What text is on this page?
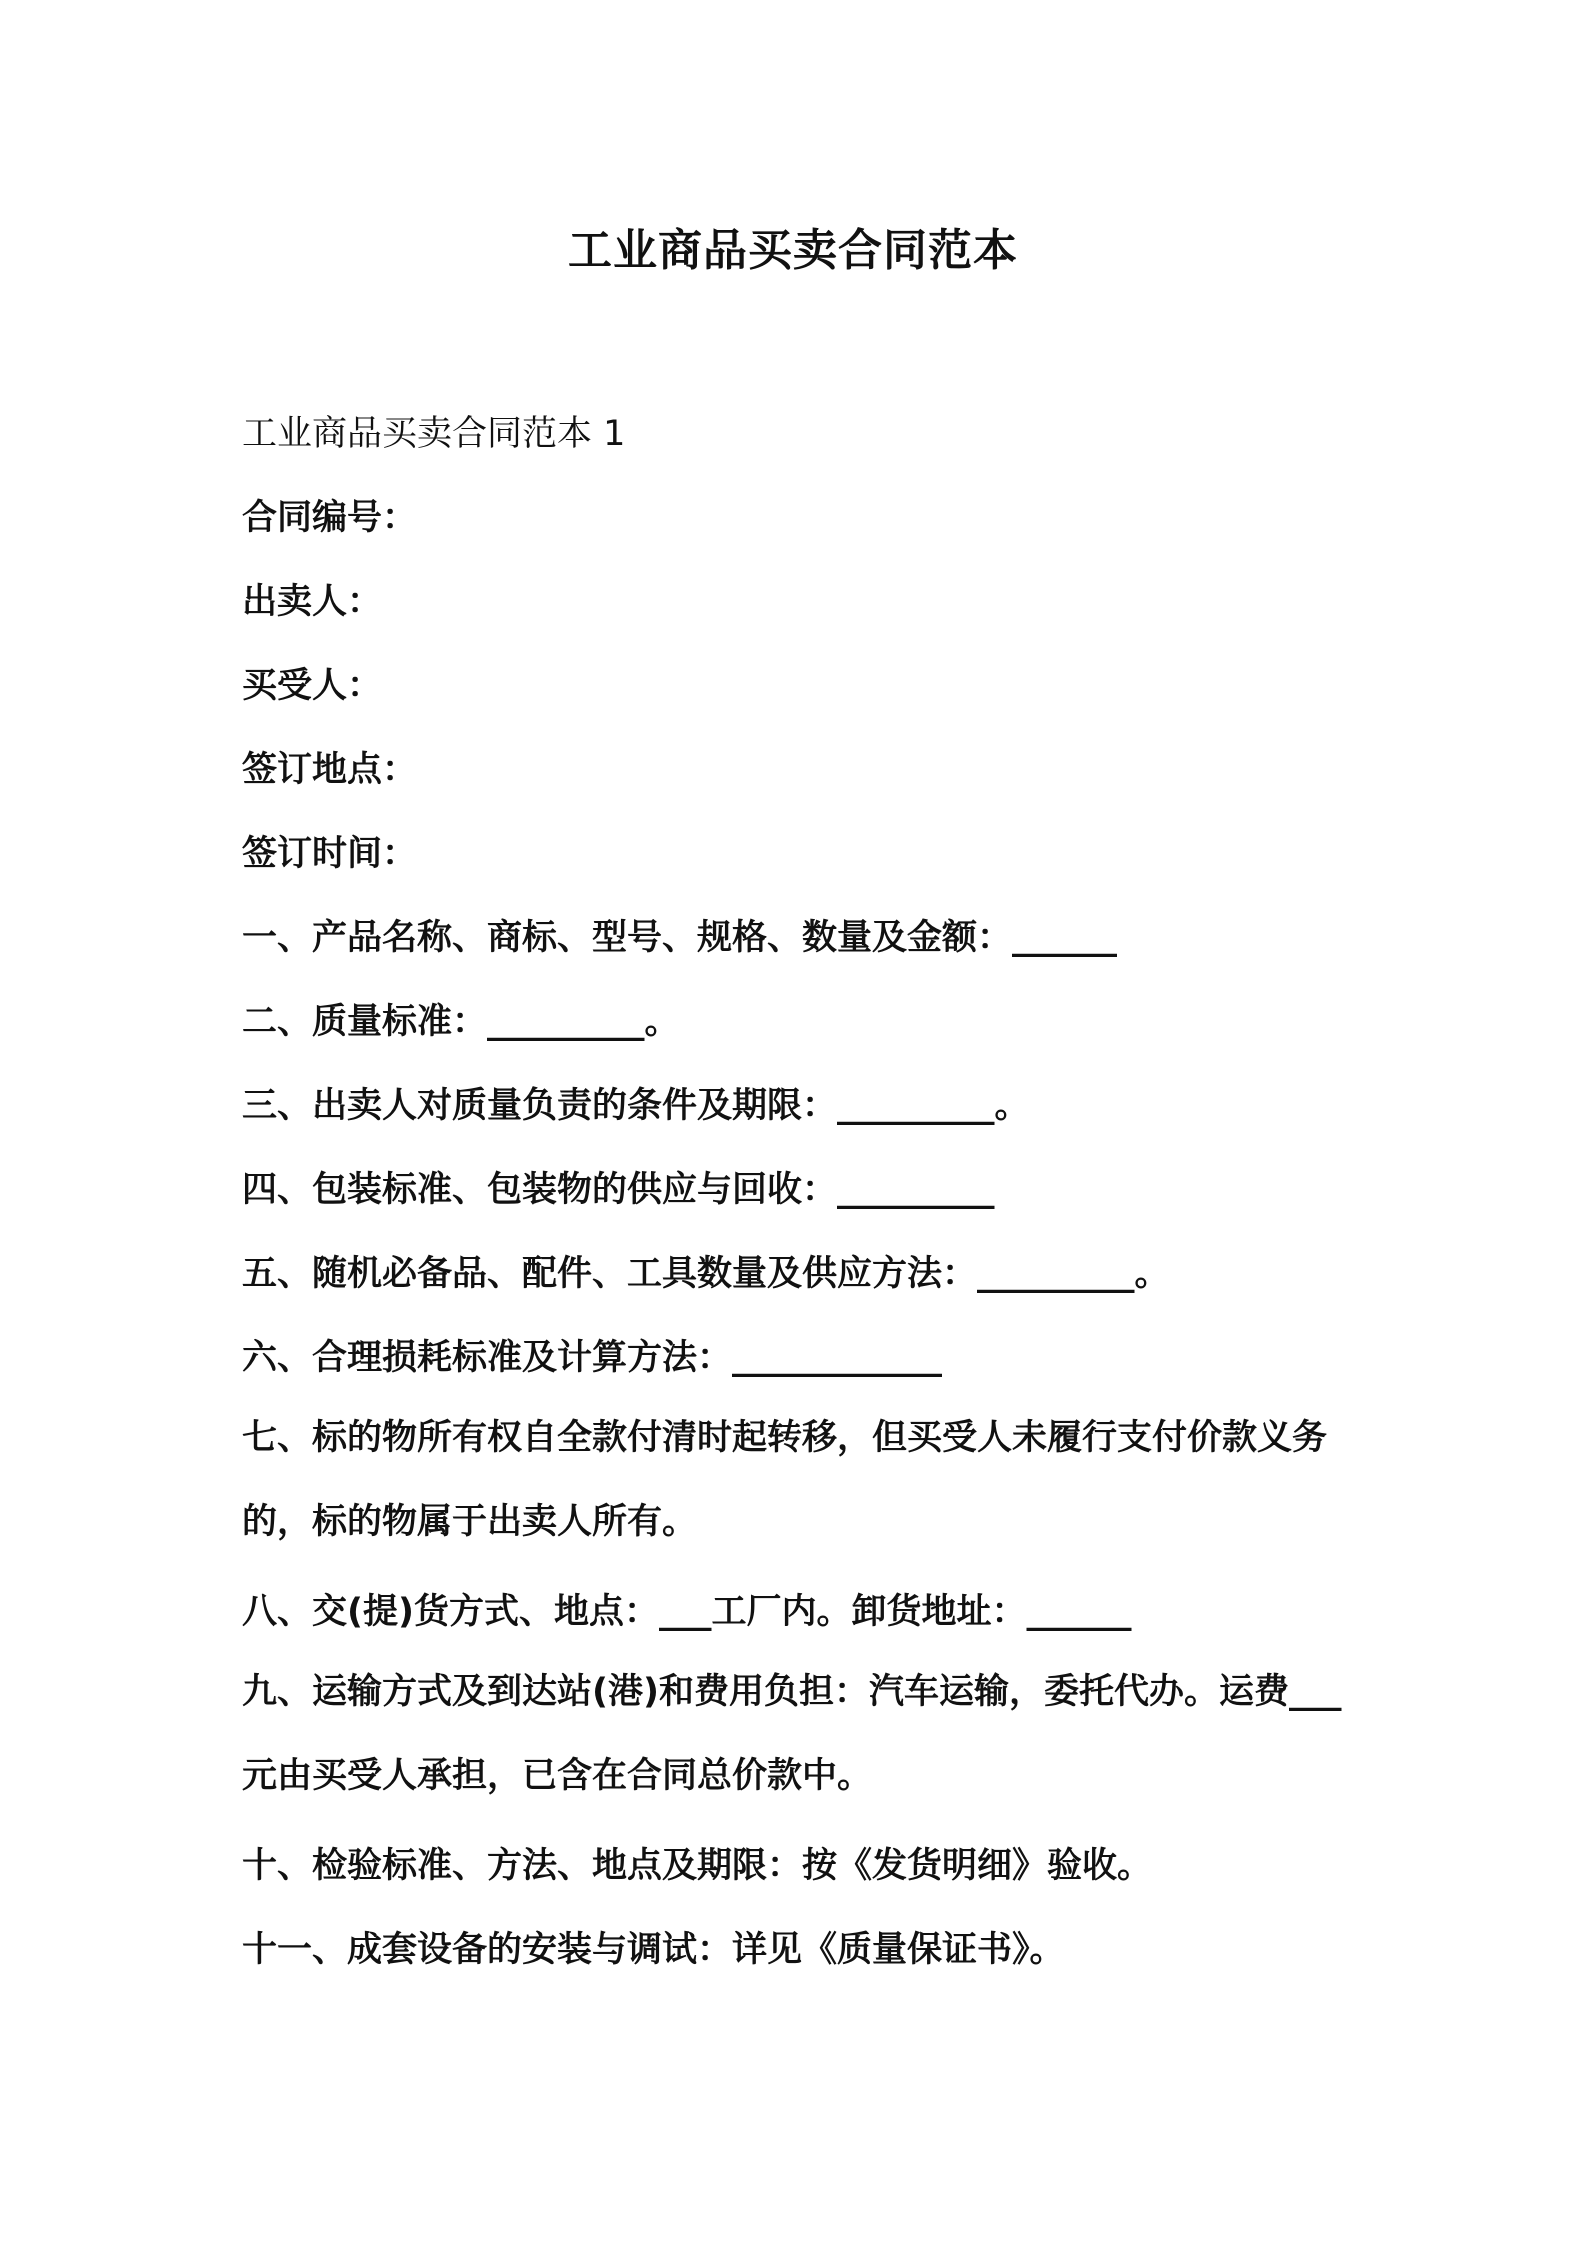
工业商品买卖合同范本

工业商品买卖合同范本 1

合同编号：

出卖人：

买受人：

签订地点：

签订时间：

一、产品名称、商标、型号、规格、数量及金额：______

二、质量标准：_________。

三、出卖人对质量负责的条件及期限：_________。

四、包装标准、包装物的供应与回收：_________

五、随机必备品、配件、工具数量及供应方法：_________。

六、合理损耗标准及计算方法：____________

七、标的物所有权自全款付清时起转移，但买受人未履行支付价款义务的，标的物属于出卖人所有。

八、交(提)货方式、地点：___工厂内。卸货地址：______

九、运输方式及到达站(港)和费用负担：汽车运输，委托代办。运费___元由买受人承担，已含在合同总价款中。

十、检验标准、方法、地点及期限：按《发货明细》验收。

十一、成套设备的安装与调试：详见《质量保证书》。
